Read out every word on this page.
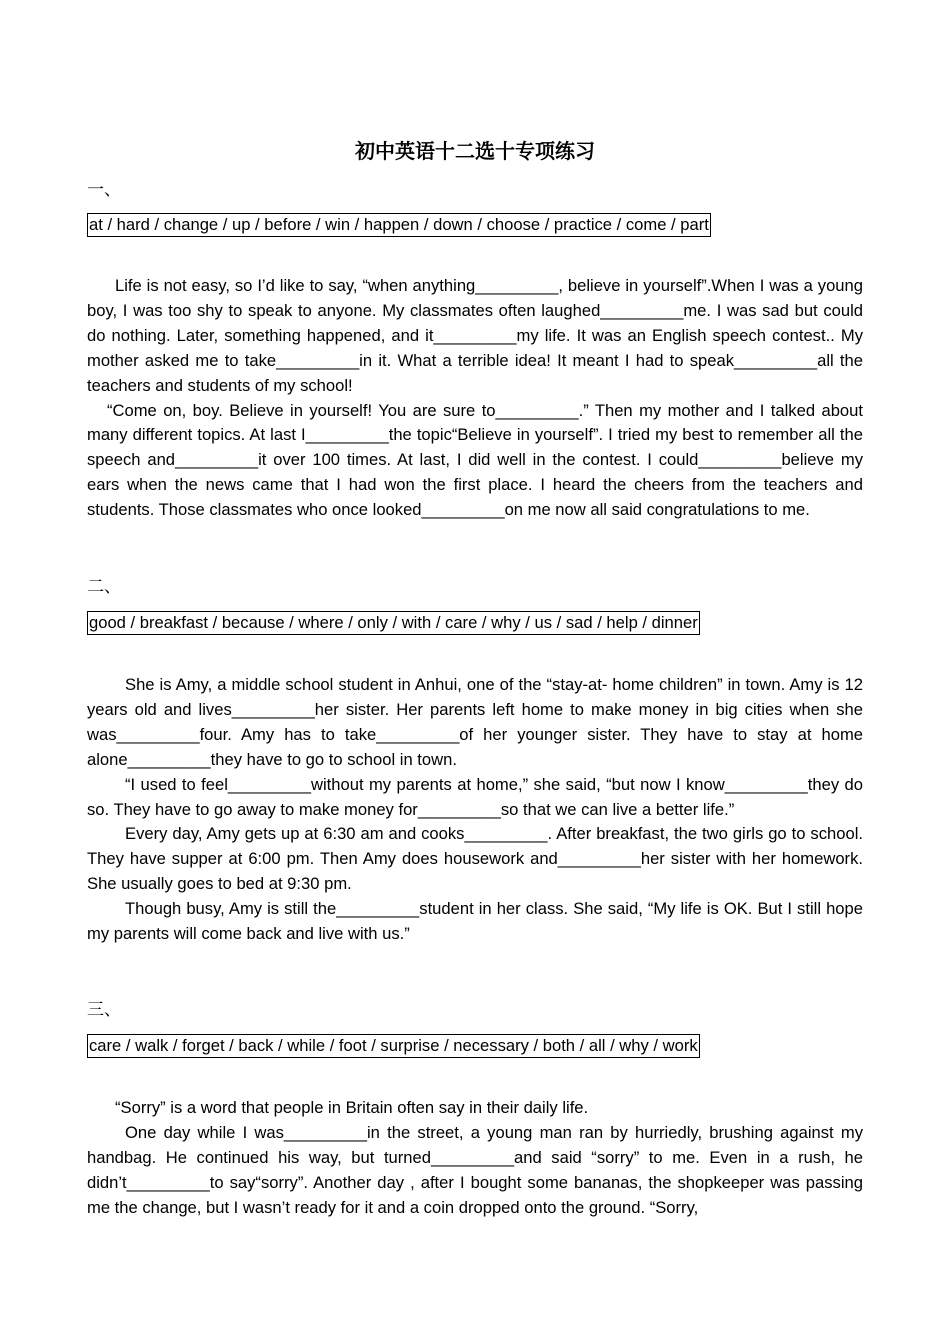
初中英语十二选十专项练习
一、
at / hard / change / up / before / win / happen / down / choose / practice / come / part

Life is not easy, so I’d like to say, “when anything_________, believe in yourself”.When I was a young boy, I was too shy to speak to anyone. My classmates often laughed_________me. I was sad but could do nothing. Later, something happened, and it_________my life. It was an English speech contest.. My mother asked me to take_________in it. What a terrible idea! It meant I had to speak_________all the teachers and students of my school!

“Come on, boy. Believe in yourself! You are sure to_________.” Then my mother and I talked about many different topics. At last I_________the topic“Believe in yourself”. I tried my best to remember all the speech and_________it over 100 times. At last, I did well in the contest. I could_________believe my ears when the news came that I had won the first place. I heard the cheers from the teachers and students. Those classmates who once looked_________on me now all said congratulations to me.

二、
good / breakfast / because / where / only / with / care / why / us / sad / help / dinner

She is Amy, a middle school student in Anhui, one of the “stay-at- home children” in town. Amy is 12 years old and lives_________her sister. Her parents left home to make money in big cities when she was_________four. Amy has to take_________of her younger sister. They have to stay at home alone_________they have to go to school in town.

“I used to feel_________without my parents at home,” she said, “but now I know_________they do so. They have to go away to make money for_________so that we can live a better life.”

Every day, Amy gets up at 6:30 am and cooks_________. After breakfast, the two girls go to school. They have supper at 6:00 pm. Then Amy does housework and_________her sister with her homework. She usually goes to bed at 9:30 pm.

Though busy, Amy is still the_________student in her class. She said, “My life is OK. But I still hope my parents will come back and live with us.”

三、
care / walk / forget / back / while / foot / surprise / necessary / both / all / why / work

“Sorry” is a word that people in Britain often say in their daily life.

One day while I was_________in the street, a young man ran by hurriedly, brushing against my handbag. He continued his way, but turned_________and said “sorry” to me. Even in a rush, he didn’t_________to say“sorry”. Another day , after I bought some bananas, the shopkeeper was passing me the change, but I wasn’t ready for it and a coin dropped onto the ground. “Sorry,
